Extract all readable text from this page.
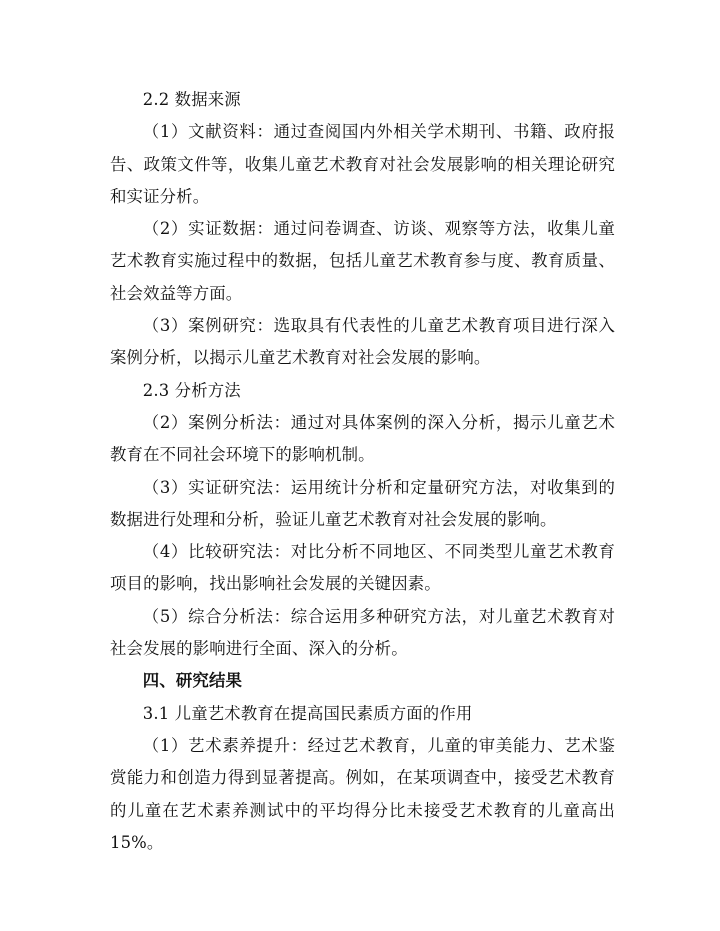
2.2 数据来源

（1）文献资料：通过查阅国内外相关学术期刊、书籍、政府报告、政策文件等，收集儿童艺术教育对社会发展影响的相关理论研究和实证分析。

（2）实证数据：通过问卷调查、访谈、观察等方法，收集儿童艺术教育实施过程中的数据，包括儿童艺术教育参与度、教育质量、社会效益等方面。

（3）案例研究：选取具有代表性的儿童艺术教育项目进行深入案例分析，以揭示儿童艺术教育对社会发展的影响。

2.3 分析方法

（2）案例分析法：通过对具体案例的深入分析，揭示儿童艺术教育在不同社会环境下的影响机制。

（3）实证研究法：运用统计分析和定量研究方法，对收集到的数据进行处理和分析，验证儿童艺术教育对社会发展的影响。

（4）比较研究法：对比分析不同地区、不同类型儿童艺术教育项目的影响，找出影响社会发展的关键因素。

（5）综合分析法：综合运用多种研究方法，对儿童艺术教育对社会发展的影响进行全面、深入的分析。

四、研究结果

3.1 儿童艺术教育在提高国民素质方面的作用

（1）艺术素养提升：经过艺术教育，儿童的审美能力、艺术鉴赏能力和创造力得到显著提高。例如，在某项调查中，接受艺术教育的儿童在艺术素养测试中的平均得分比未接受艺术教育的儿童高出 15%。
